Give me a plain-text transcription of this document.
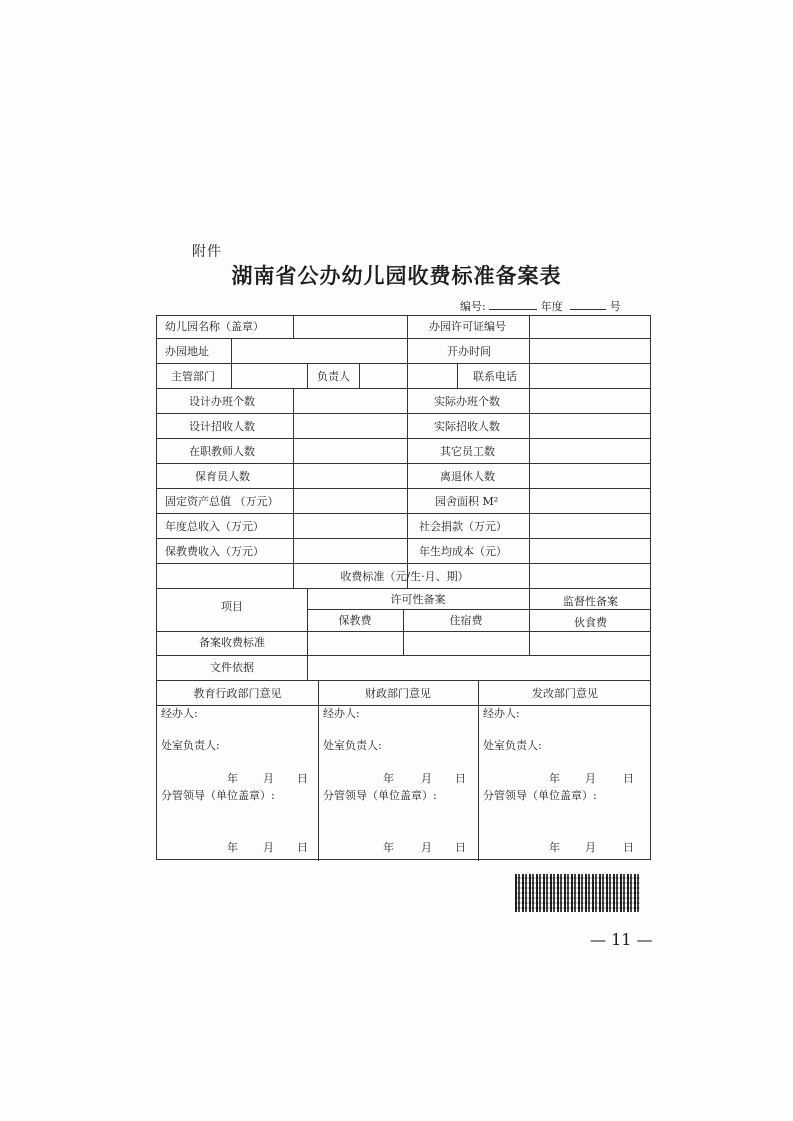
附件
湖南省公办幼儿园收费标准备案表
编号:	年度	号
幼儿园名称（盖章）	办园许可证编号
办园地址	开办时间
主管部门	负责人	联系电话
设计办班个数	实际办班个数
设计招收人数	实际招收人数
在职教师人数	其它员工数
保育员人数	离退休人数
固定资产总值 （万元）	园舍面积 M²
年度总收入（万元）	社会捐款（万元）
保教费收入（万元）	年生均成本（元）
收费标准（元/生·月、期）
项目
许可性备案	监督性备案
保教费	住宿费	伙食费
备案收费标准
文件依据
教育行政部门意见	财政部门意见	发改部门意见
经办人:
处室负责人:
年 月 日
分管领导（单位盖章）:
年 月 日
经办人:
处室负责人:
年 月 日
分管领导（单位盖章）:
年 月 日
经办人:
处室负责人:
年 月 日
分管领导（单位盖章）:
年 月 日
— 11 —
